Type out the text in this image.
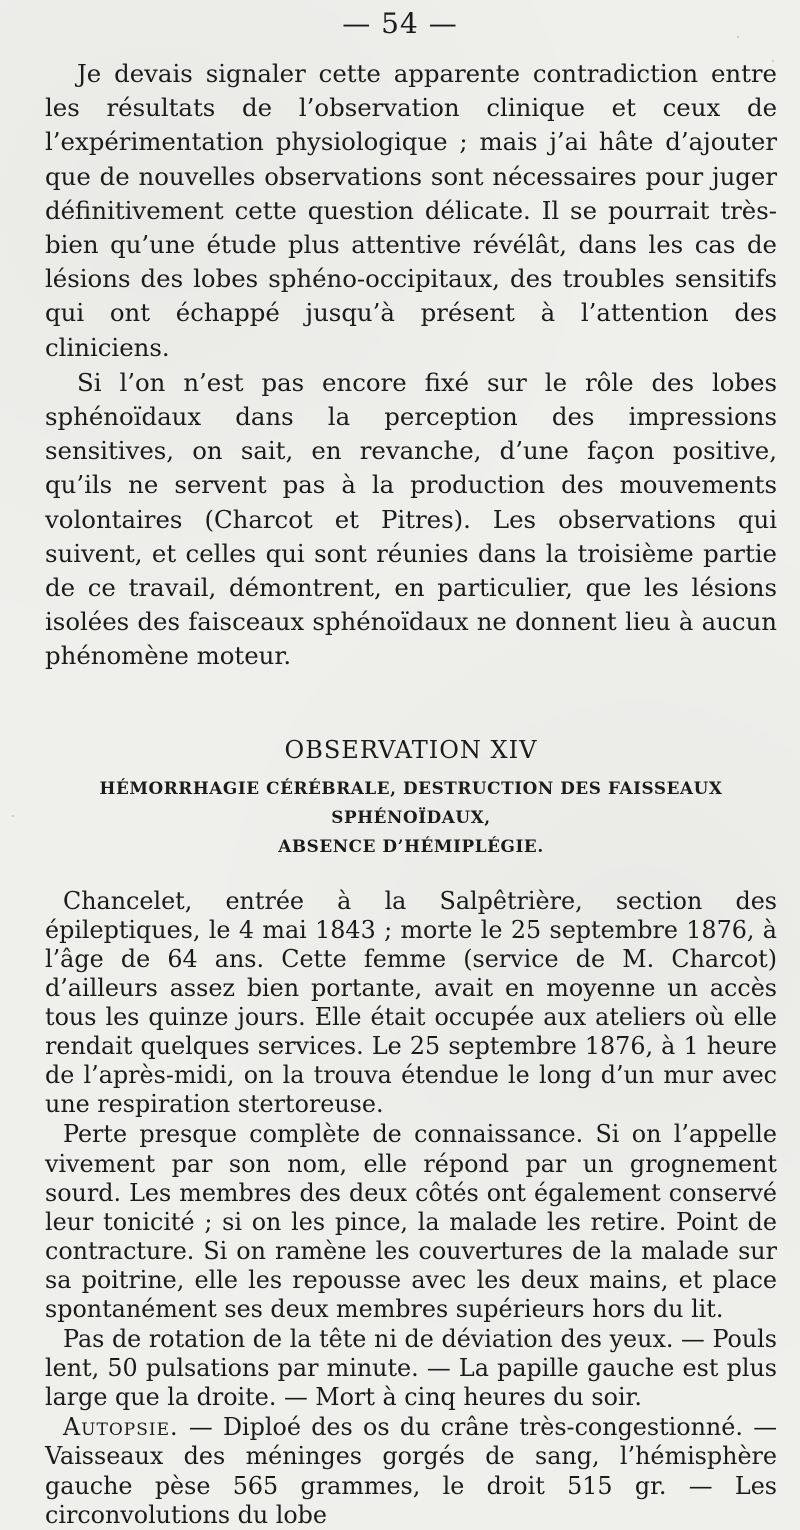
— 54 —

Je devais signaler cette apparente contradiction entre les résultats de l’observation clinique et ceux de l’expérimentation physiologique ; mais j’ai hâte d’ajouter que de nouvelles observations sont nécessaires pour juger définitivement cette question délicate. Il se pourrait très-bien qu’une étude plus attentive révélât, dans les cas de lésions des lobes sphéno-occipitaux, des troubles sensitifs qui ont échappé jusqu’à présent à l’attention des cliniciens.

Si l’on n’est pas encore fixé sur le rôle des lobes sphénoïdaux dans la perception des impressions sensitives, on sait, en revanche, d’une façon positive, qu’ils ne servent pas à la production des mouvements volontaires (Charcot et Pitres). Les observations qui suivent, et celles qui sont réunies dans la troisième partie de ce travail, démontrent, en particulier, que les lésions isolées des faisceaux sphénoïdaux ne donnent lieu à aucun phénomène moteur.

OBSERVATION XIV
HÉMORRHAGIE CÉRÉBRALE, DESTRUCTION DES FAISSEAUX SPHÉNOÏDAUX,
ABSENCE D’HÉMIPLÉGIE.

Chancelet, entrée à la Salpêtrière, section des épileptiques, le 4 mai 1843 ; morte le 25 septembre 1876, à l’âge de 64 ans. Cette femme (service de M. Charcot) d’ailleurs assez bien portante, avait en moyenne un accès tous les quinze jours. Elle était occupée aux ateliers où elle rendait quelques services. Le 25 septembre 1876, à 1 heure de l’après-midi, on la trouva étendue le long d’un mur avec une respiration stertoreuse.

Perte presque complète de connaissance. Si on l’appelle vivement par son nom, elle répond par un grognement sourd. Les membres des deux côtés ont également conservé leur tonicité ; si on les pince, la malade les retire. Point de contracture. Si on ramène les couvertures de la malade sur sa poitrine, elle les repousse avec les deux mains, et place spontanément ses deux membres supérieurs hors du lit.

Pas de rotation de la tête ni de déviation des yeux. — Pouls lent, 50 pulsations par minute. — La papille gauche est plus large que la droite. — Mort à cinq heures du soir.

Autopsie. — Diploé des os du crâne très-congestionné. — Vaisseaux des méninges gorgés de sang, l’hémisphère gauche pèse 565 grammes, le droit 515 gr. — Les circonvolutions du lobe
